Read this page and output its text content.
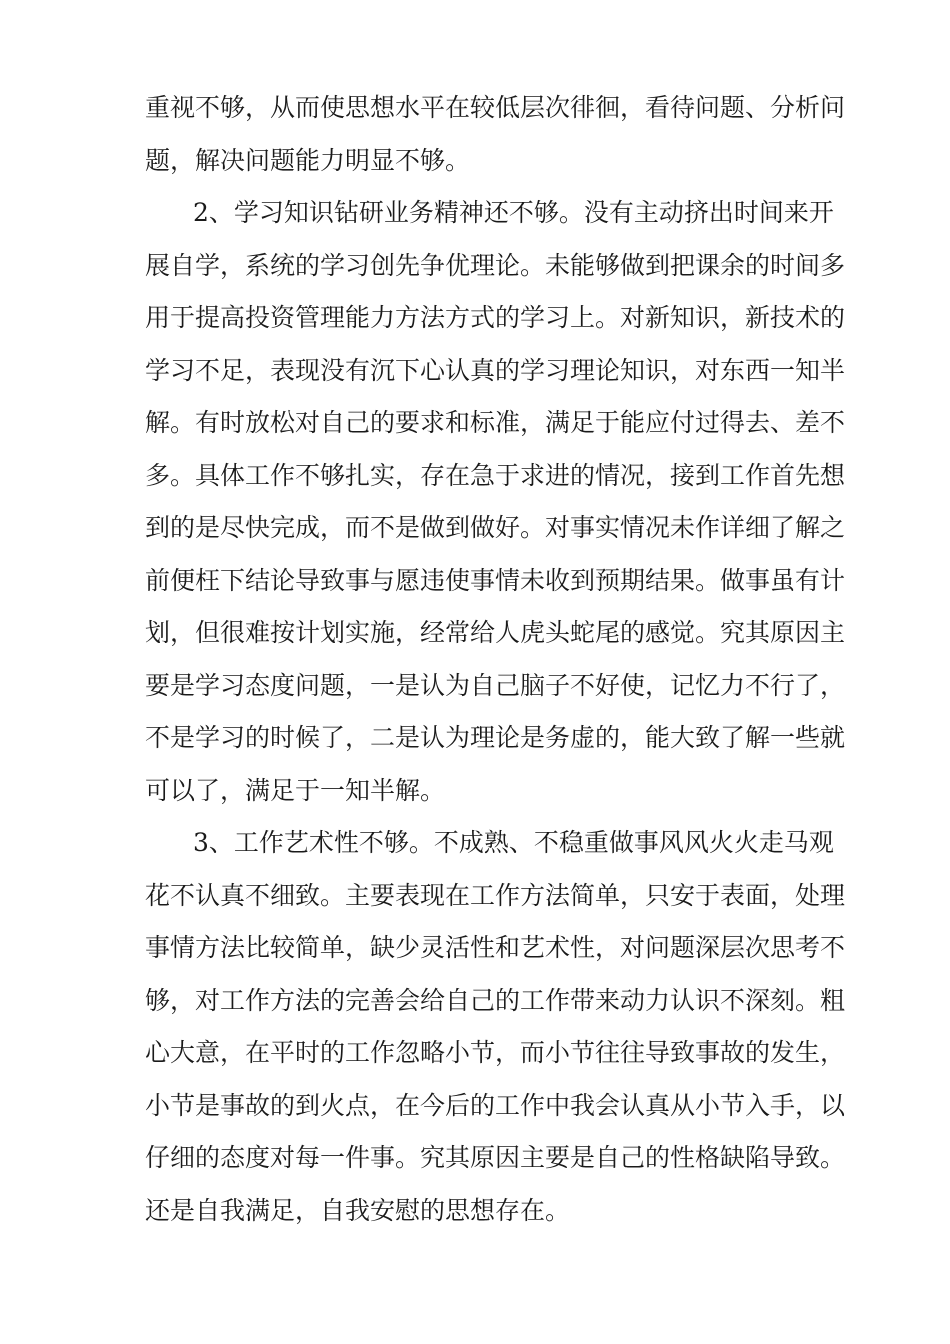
重视不够，从而使思想水平在较低层次徘徊，看待问题、分析问
题，解决问题能力明显不够。
2、学习知识钻研业务精神还不够。没有主动挤出时间来开
展自学，系统的学习创先争优理论。未能够做到把课余的时间多
用于提高投资管理能力方法方式的学习上。对新知识，新技术的
学习不足，表现没有沉下心认真的学习理论知识，对东西一知半
解。有时放松对自己的要求和标准，满足于能应付过得去、差不
多。具体工作不够扎实，存在急于求进的情况，接到工作首先想
到的是尽快完成，而不是做到做好。对事实情况未作详细了解之
前便枉下结论导致事与愿违使事情未收到预期结果。做事虽有计
划，但很难按计划实施，经常给人虎头蛇尾的感觉。究其原因主
要是学习态度问题，一是认为自己脑子不好使，记忆力不行了，
不是学习的时候了，二是认为理论是务虚的，能大致了解一些就
可以了，满足于一知半解。
3、工作艺术性不够。不成熟、不稳重做事风风火火走马观
花不认真不细致。主要表现在工作方法简单，只安于表面，处理
事情方法比较简单，缺少灵活性和艺术性，对问题深层次思考不
够，对工作方法的完善会给自己的工作带来动力认识不深刻。粗
心大意，在平时的工作忽略小节，而小节往往导致事故的发生，
小节是事故的到火点，在今后的工作中我会认真从小节入手，以
仔细的态度对每一件事。究其原因主要是自己的性格缺陷导致。
还是自我满足，自我安慰的思想存在。
